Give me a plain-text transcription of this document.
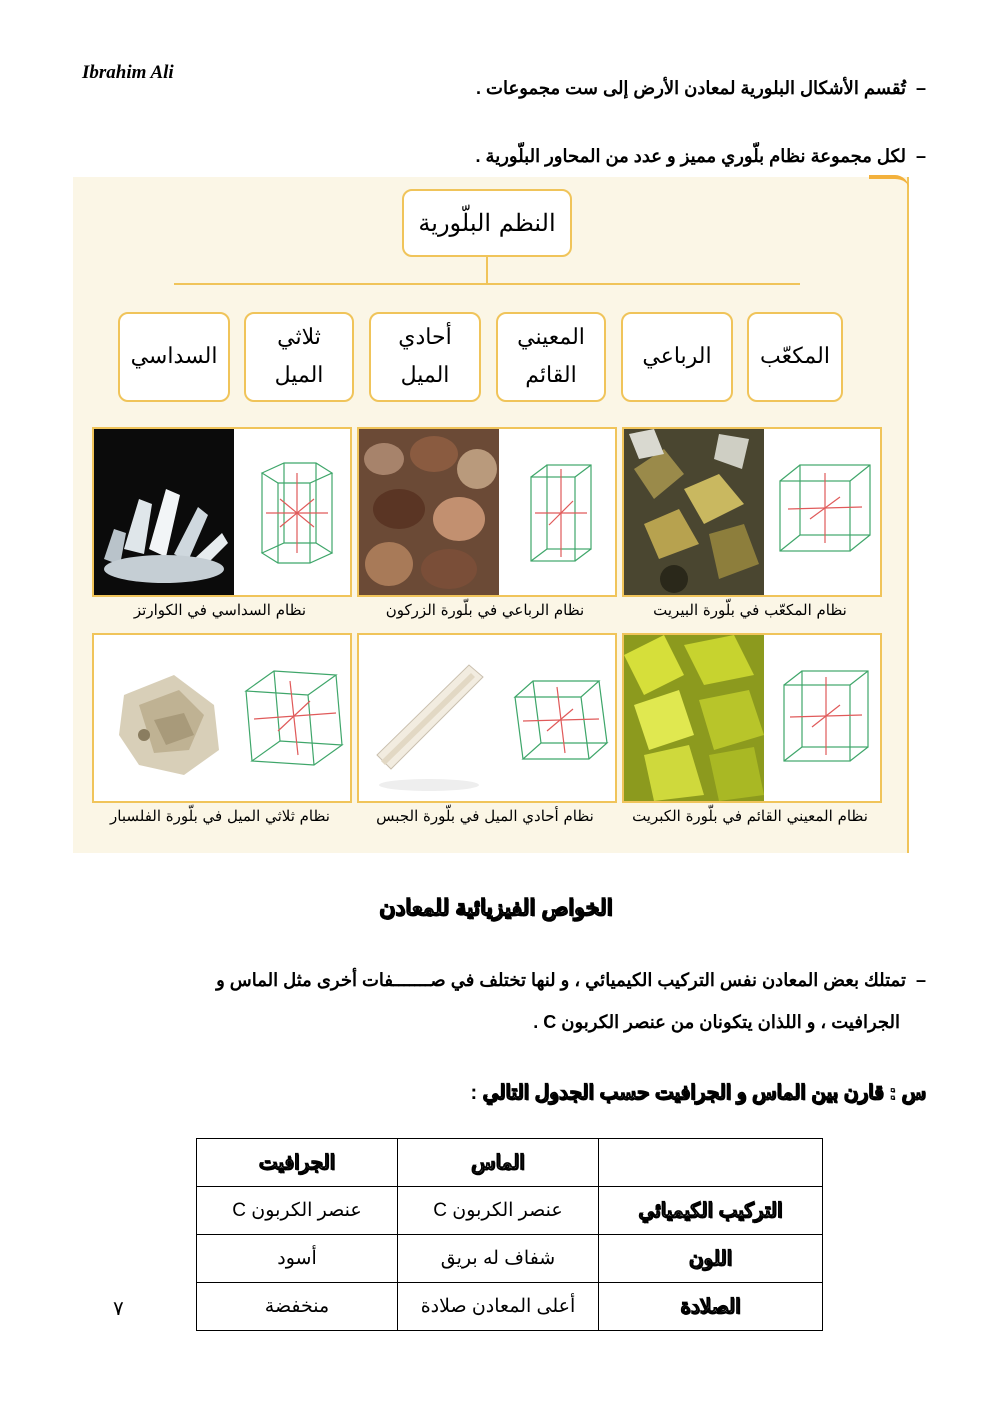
Ibrahim Ali
–تُقسم الأشكال البلورية لمعادن الأرض إلى ست مجموعات .
–لكل مجموعة نظام بلّوري مميز و عدد من المحاور البلّورية .
النظم البلّورية
المكعّب
الرباعي
المعيني
القائم
أحادي
الميل
ثلاثي
الميل
السداسي
نظام المكعّب في بلّورة البيريت
نظام الرباعي في بلّورة الزركون
نظام السداسي في الكوارتز
نظام المعيني القائم في بلّورة الكبريت
نظام أحادي الميل في بلّورة الجبس
نظام ثلاثي الميل في بلّورة الفلسبار
الخواص الفيزيائية للمعادن
–تمتلك بعض المعادن نفس التركيب الكيميائي ، و لنها تختلف في صـــــــفات أخرى مثل الماس و
الجرافيت ، و اللذان يتكونان من عنصر الكربون C .
س : قارن بين الماس و الجرافيت حسب الجدول التالي :
	الماس	الجرافيت
التركيب الكيميائي	عنصر الكربون C	عنصر الكربون C
اللون	شفاف له بريق	أسود
الصلادة	أعلى المعادن صلادة	منخفضة
٧
